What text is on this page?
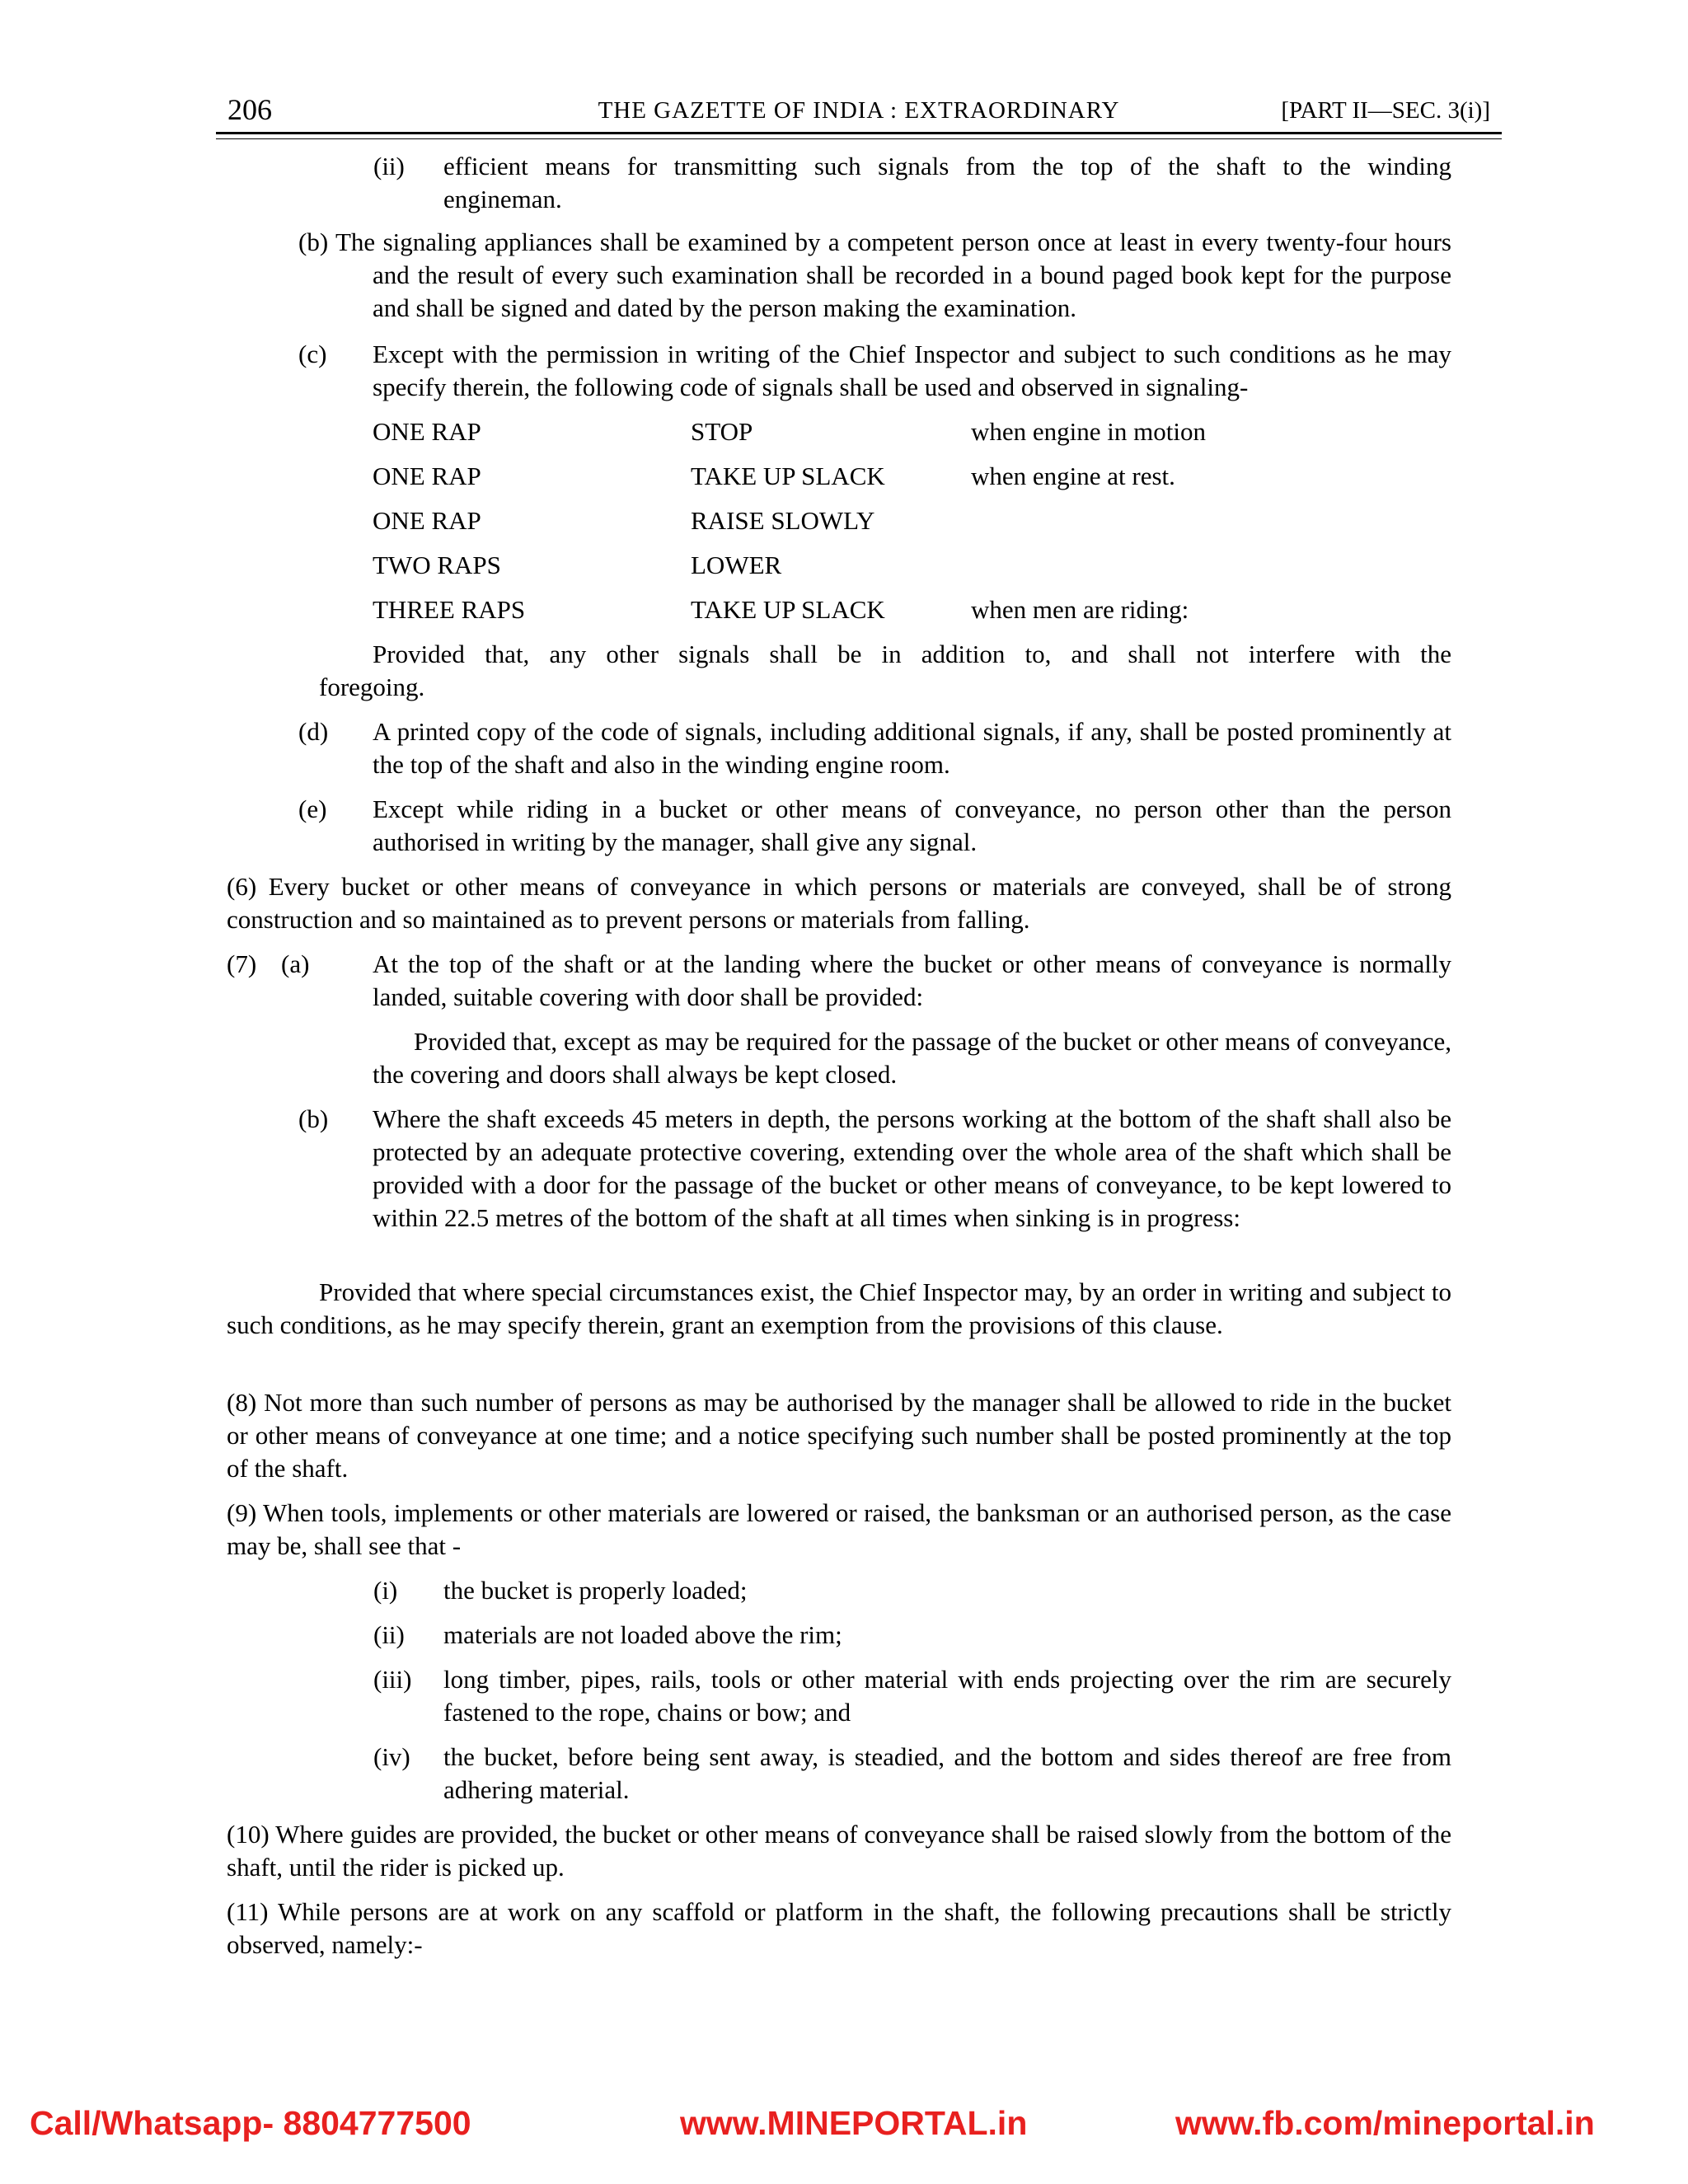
206	THE GAZETTE OF INDIA : EXTRAORDINARY	[PART II—SEC. 3(i)]
(ii) efficient means for transmitting such signals from the top of the shaft to the winding
engineman.
(b) The signaling appliances shall be examined by a competent person once at least in every twenty-four hours and the result of every such examination shall be recorded in a bound paged book kept for the purpose and shall be signed and dated by the person making the examination.
(c) Except with the permission in writing of the Chief Inspector and subject to such conditions as he may specify therein, the following code of signals shall be used and observed in signaling-
ONE RAP	STOP	when engine in motion
ONE RAP	TAKE UP SLACK	when engine at rest.
ONE RAP	RAISE SLOWLY
TWO RAPS	LOWER
THREE RAPS	TAKE UP SLACK	when men are riding:
Provided that, any other signals shall be in addition to, and shall not interfere with the
foregoing.
(d) A printed copy of the code of signals, including additional signals, if any, shall be posted prominently at the top of the shaft and also in the winding engine room.
(e) Except while riding in a bucket or other means of conveyance, no person other than the person authorised in writing by the manager, shall give any signal.
(6) Every bucket or other means of conveyance in which persons or materials are conveyed, shall be of strong construction and so maintained as to prevent persons or materials from falling.
(7) (a) At the top of the shaft or at the landing where the bucket or other means of conveyance is normally landed, suitable covering with door shall be provided:
Provided that, except as may be required for the passage of the bucket or other means of conveyance, the covering and doors shall always be kept closed.
(b) Where the shaft exceeds 45 meters in depth, the persons working at the bottom of the shaft shall also be protected by an adequate protective covering, extending over the whole area of the shaft which shall be provided with a door for the passage of the bucket or other means of conveyance, to be kept lowered to within 22.5 metres of the bottom of the shaft at all times when sinking is in progress:
Provided that where special circumstances exist, the Chief Inspector may, by an order in writing and subject to such conditions, as he may specify therein, grant an exemption from the provisions of this clause.
(8) Not more than such number of persons as may be authorised by the manager shall be allowed to ride in the bucket or other means of conveyance at one time; and a notice specifying such number shall be posted prominently at the top of the shaft.
(9) When tools, implements or other materials are lowered or raised, the banksman or an authorised person, as the case may be, shall see that -
(i) the bucket is properly loaded;
(ii) materials are not loaded above the rim;
(iii) long timber, pipes, rails, tools or other material with ends projecting over the rim are securely fastened to the rope, chains or bow; and
(iv) the bucket, before being sent away, is steadied, and the bottom and sides thereof are free from adhering material.
(10) Where guides are provided, the bucket or other means of conveyance shall be raised slowly from the bottom of the shaft, until the rider is picked up.
(11) While persons are at work on any scaffold or platform in the shaft, the following precautions shall be strictly observed, namely:-
Call/Whatsapp- 8804777500	www.MINEPORTAL.in	www.fb.com/mineportal.in
